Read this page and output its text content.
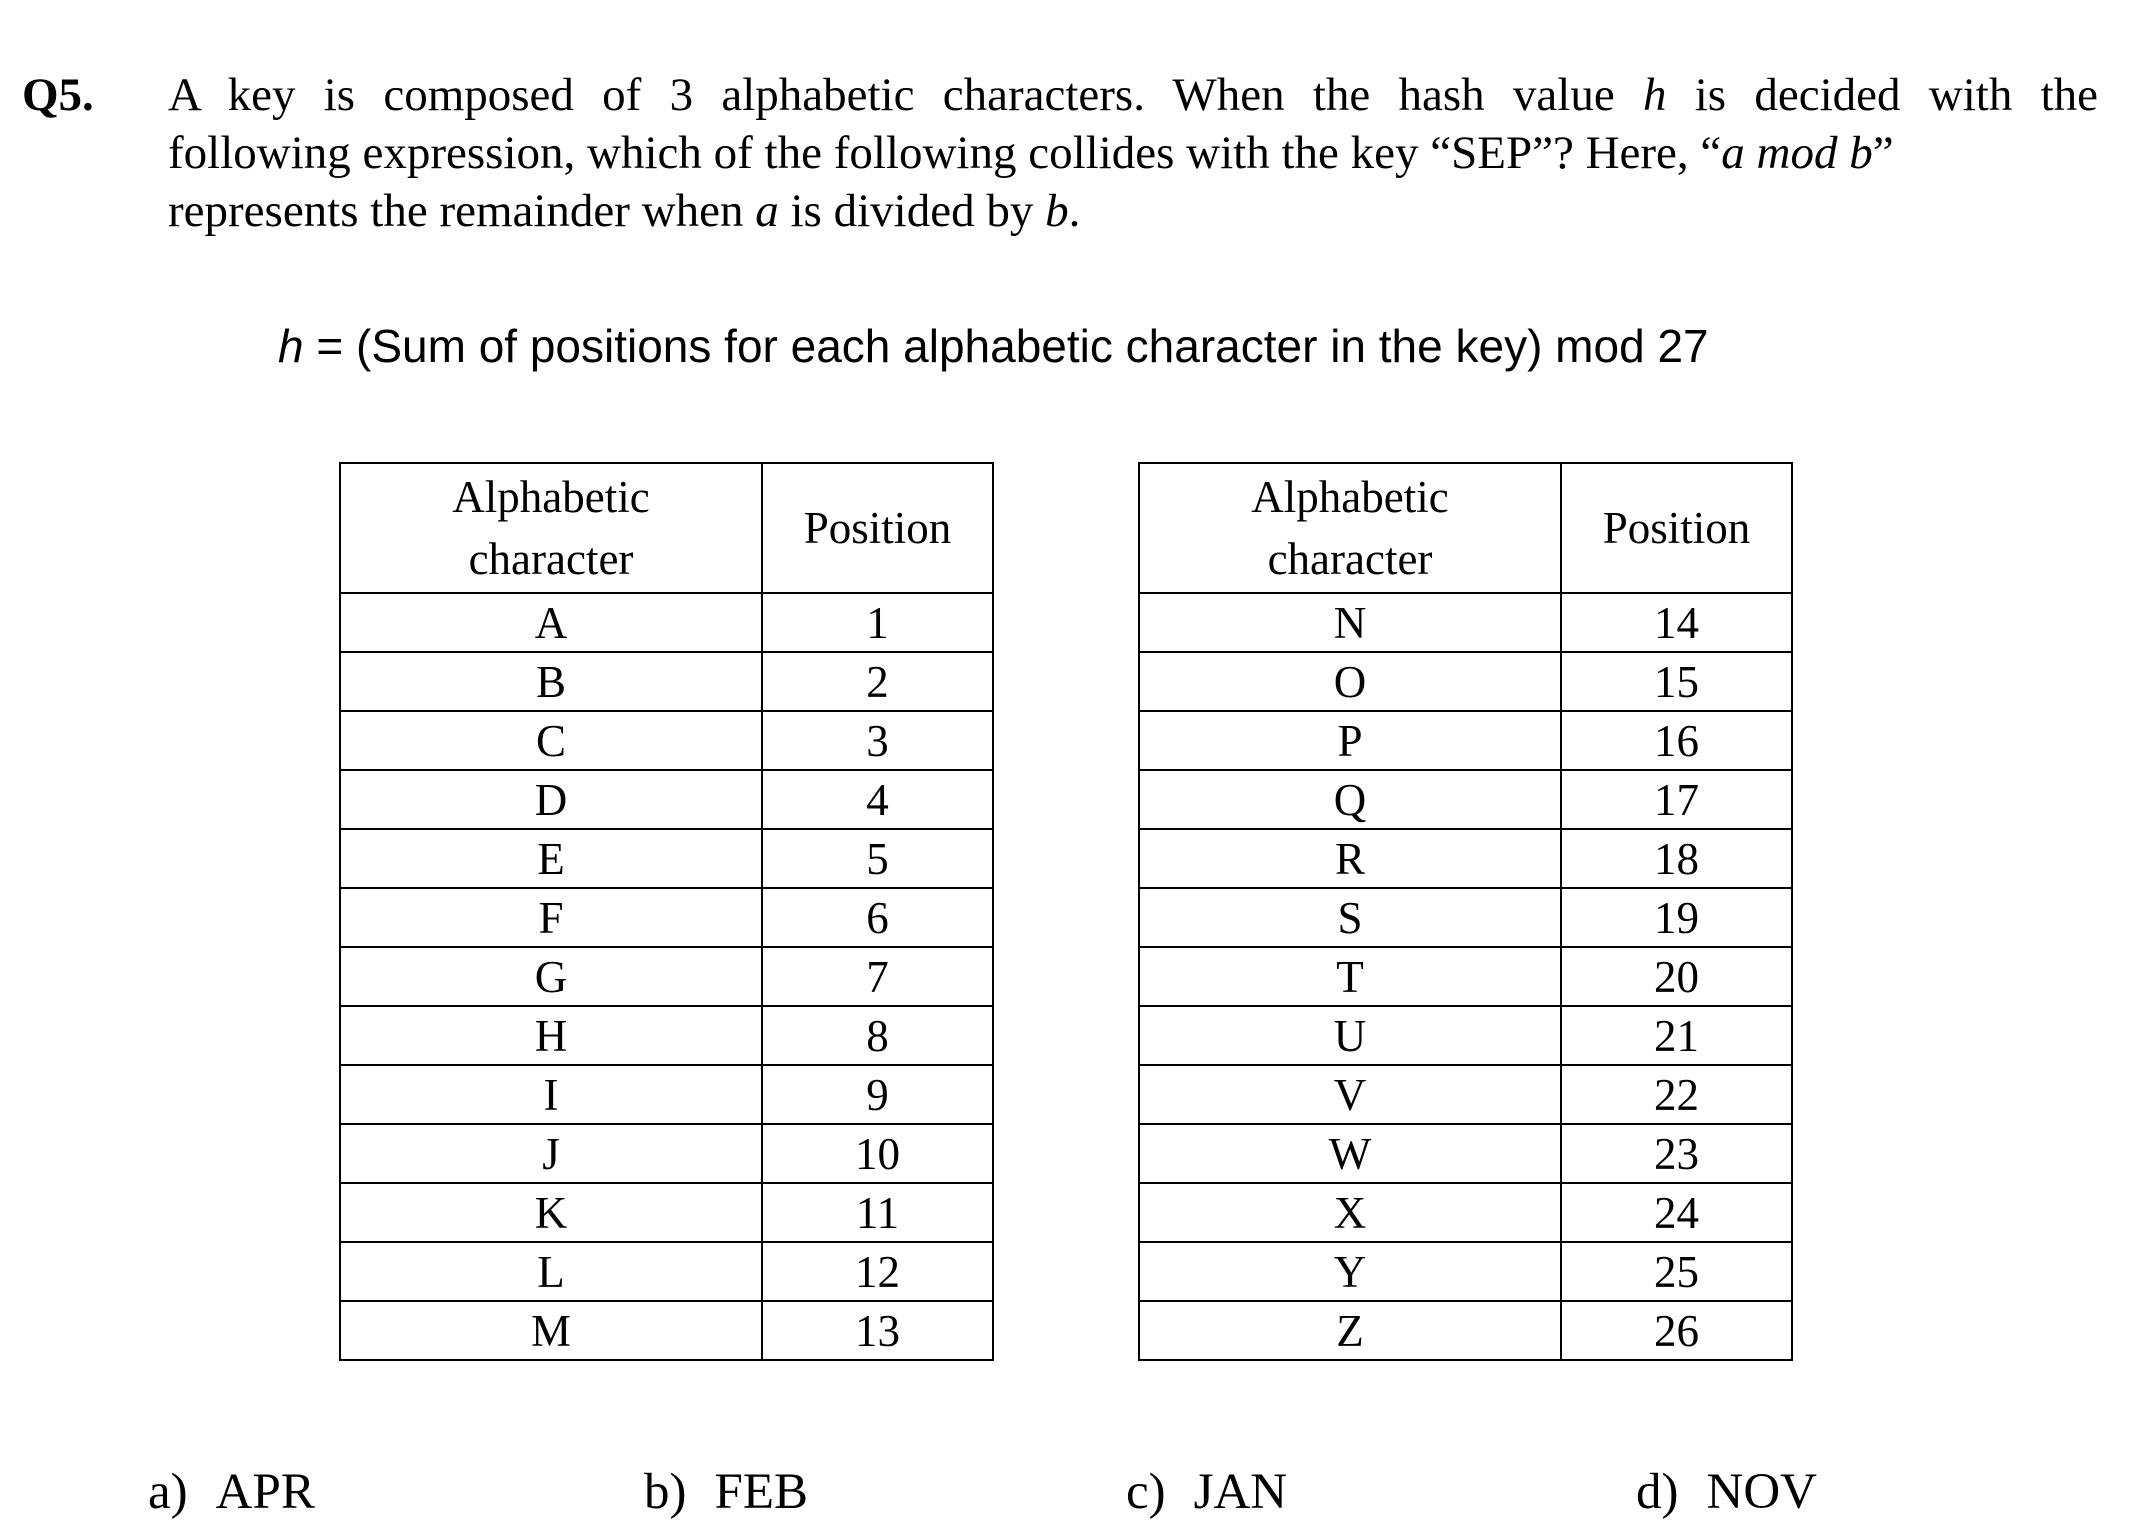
Q5. A key is composed of 3 alphabetic characters. When the hash value h is decided with the
following expression, which of the following collides with the key “SEP”? Here, “a mod b”
represents the remainder when a is divided by b.
h = (Sum of positions for each alphabetic character in the key) mod 27
Alphabetic
character	Position
A	1
B	2
C	3
D	4
E	5
F	6
G	7
H	8
I	9
J	10
K	11
L	12
M	13
Alphabetic
character	Position
N	14
O	15
P	16
Q	17
R	18
S	19
T	20
U	21
V	22
W	23
X	24
Y	25
Z	26
a) APR	b) FEB	c) JAN	d) NOV
